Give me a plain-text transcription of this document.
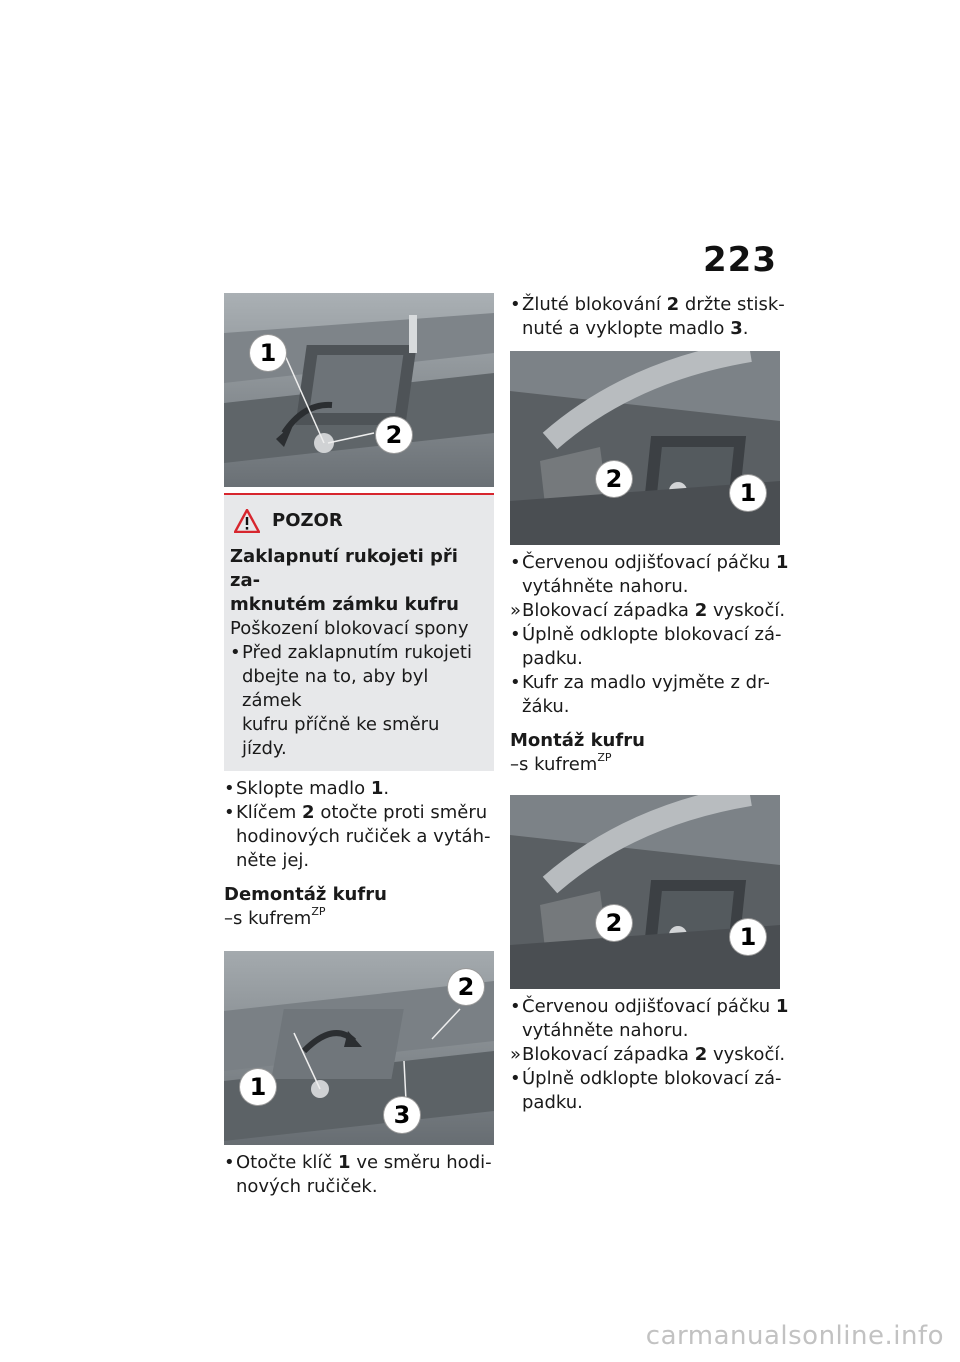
223
1
2
POZOR
Zaklapnutí rukojeti při za-
mknutém zámku kufru
Poškození blokovací spony
• Před zaklapnutím rukojeti
dbejte na to, aby byl zámek
kufru příčně ke směru jízdy.
• Sklopte madlo 1.
• Klíčem 2 otočte proti směru
hodinových ručiček a vytáh-
něte jej.
Demontáž kufru
–s kufrem$^{ZP}$
2
1
3
• Otočte klíč 1 ve směru hodi-
nových ručiček.
• Žluté blokování 2 držte stisk-
nuté a vyklopte madlo 3.
2	1
• Červenou odjišťovací páčku 1
vytáhněte nahoru.
» Blokovací západka 2 vyskočí.
• Úplně odklopte blokovací zá-
padku.
• Kufr za madlo vyjměte z dr-
žáku.
Montáž kufru
–s kufrem$^{ZP}$
2	1
• Červenou odjišťovací páčku 1
vytáhněte nahoru.
» Blokovací západka 2 vyskočí.
• Úplně odklopte blokovací zá-
padku.
carmanualsonline.info
